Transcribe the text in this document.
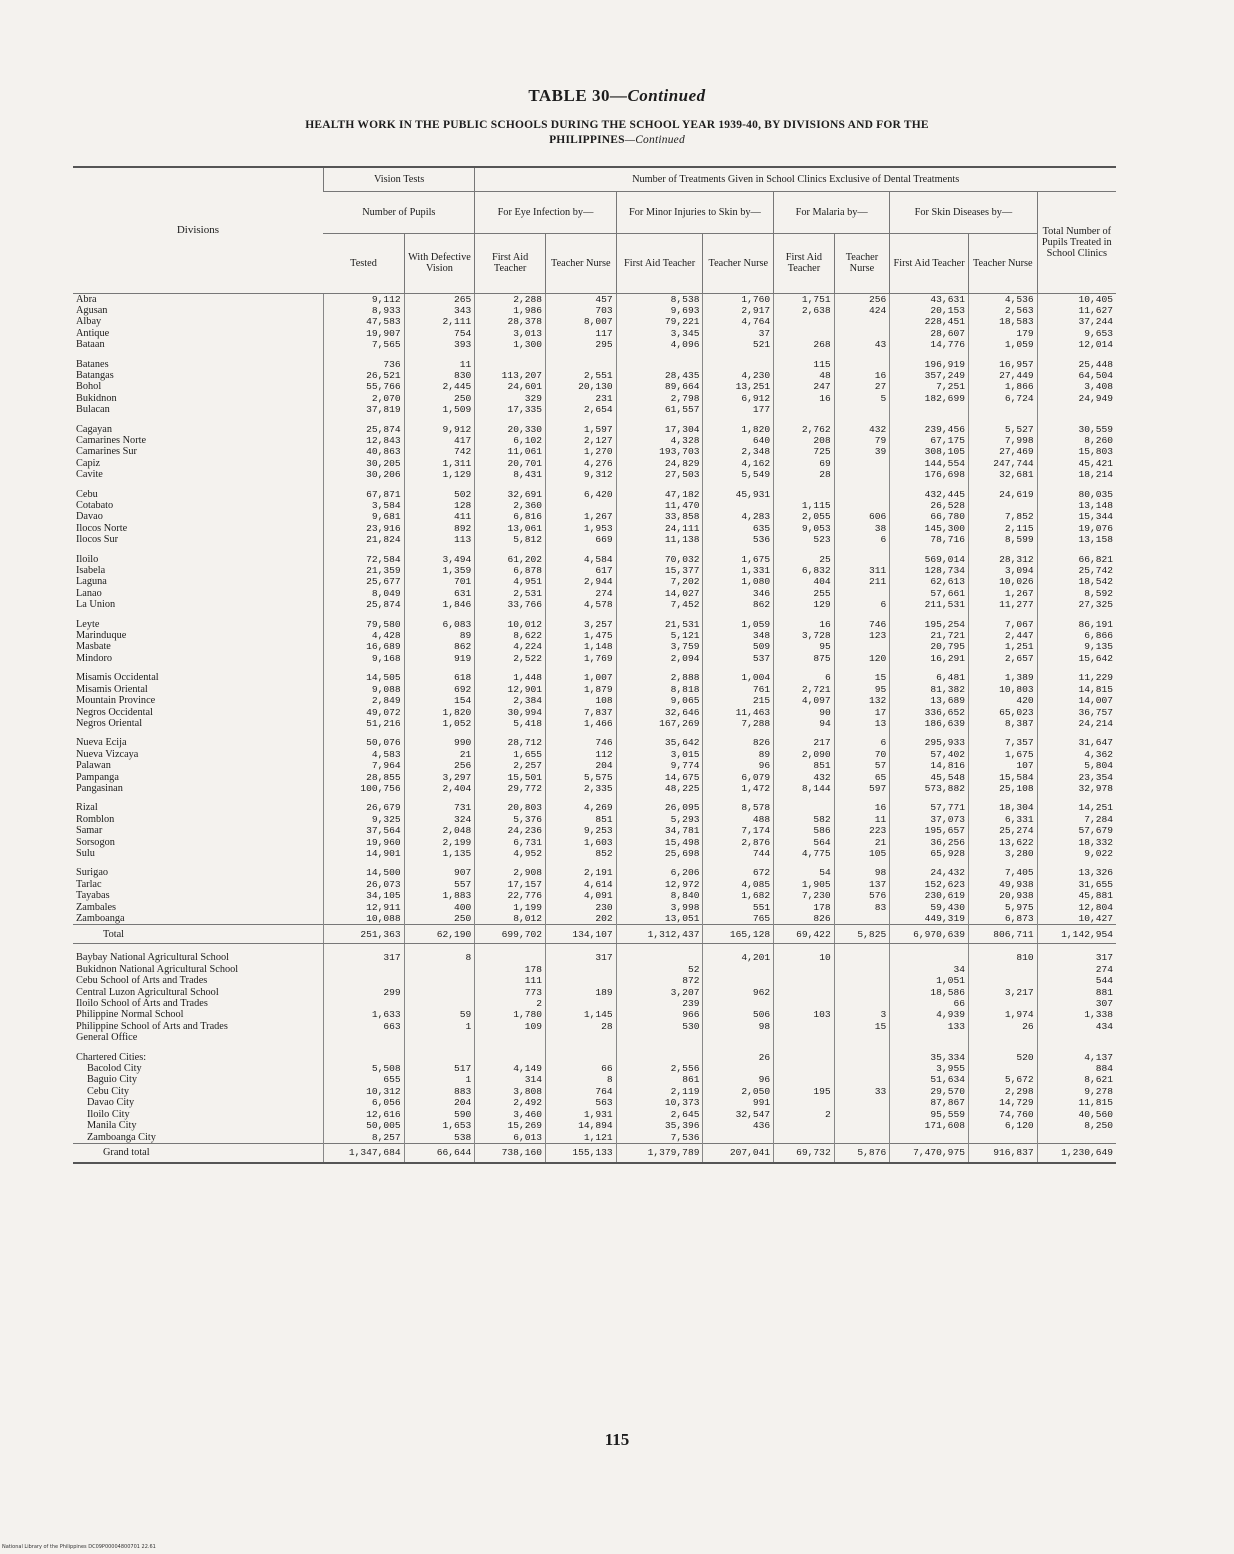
TABLE 30—Continued
HEALTH WORK IN THE PUBLIC SCHOOLS DURING THE SCHOOL YEAR 1939-40, BY DIVISIONS AND FOR THE
PHILIPPINES—Continued
Divisions	Vision Tests		Number of Treatments Given in School Clinics Exclusive of Dental Treatments								
	Number of Pupils		For Eye Infection by—		For Minor Injuries to Skin by—		For Malaria by—		For Skin Diseases by—		Total Number of Pupils Treated in School Clinics
	Tested	With Defective Vision	First Aid Teacher	Teacher Nurse	First Aid Teacher	Teacher Nurse	First Aid Teacher	Teacher Nurse	First Aid Teacher	Teacher Nurse	
Abra	9,112	265	2,288	457	8,538	1,760	1,751	256	43,631	4,536	10,405
Agusan	8,933	343	1,986	703	9,693	2,917	2,638	424	20,153	2,563	11,627
Albay	47,583	2,111	28,378	8,007	79,221	4,764			228,451	18,583	37,244
Antique	19,907	754	3,013	117	3,345	37			28,607	179	9,653
Bataan	7,565	393	1,300	295	4,096	521	268	43	14,776	1,059	12,014

Batanes	736	11					115		196,919	16,957	25,448
Batangas	26,521	830	113,207	2,551	28,435	4,230	48	16	357,249	27,449	64,504
Bohol	55,766	2,445	24,601	20,130	89,664	13,251	247	27	7,251	1,866	3,408
Bukidnon	2,070	250	329	231	2,798	6,912	16	5	182,699	6,724	24,949
Bulacan	37,819	1,509	17,335	2,654	61,557	177					

Cagayan	25,874	9,912	20,330	1,597	17,304	1,820	2,762	432	239,456	5,527	30,559
Camarines Norte	12,843	417	6,102	2,127	4,328	640	208	79	67,175	7,998	8,260
Camarines Sur	40,863	742	11,061	1,270	193,703	2,348	725	39	308,105	27,469	15,803
Capiz	30,205	1,311	20,701	4,276	24,829	4,162	69		144,554	247,744	45,421
Cavite	30,206	1,129	8,431	9,312	27,503	5,549	28		176,698	32,681	18,214

Cebu	67,871	502	32,691	6,420	47,182	45,931			432,445	24,619	80,035
Cotabato	3,584	128	2,360		11,470		1,115		26,528		13,148
Davao	9,681	411	6,816	1,267	33,858	4,283	2,055	606	66,780	7,852	15,344
Ilocos Norte	23,916	892	13,061	1,953	24,111	635	9,053	38	145,300	2,115	19,076
Ilocos Sur	21,824	113	5,812	669	11,138	536	523	6	78,716	8,599	13,158

Iloilo	72,584	3,494	61,202	4,584	70,032	1,675	25		569,014	28,312	66,821
Isabela	21,359	1,359	6,878	617	15,377	1,331	6,832	311	128,734	3,094	25,742
Laguna	25,677	701	4,951	2,944	7,202	1,080	404	211	62,613	10,026	18,542
Lanao	8,049	631	2,531	274	14,027	346	255		57,661	1,267	8,592
La Union	25,874	1,846	33,766	4,578	7,452	862	129	6	211,531	11,277	27,325

Leyte	79,580	6,083	10,012	3,257	21,531	1,059	16	746	195,254	7,067	86,191
Marinduque	4,428	89	8,622	1,475	5,121	348	3,728	123	21,721	2,447	6,866
Masbate	16,689	862	4,224	1,148	3,759	509	95		20,795	1,251	9,135
Mindoro	9,168	919	2,522	1,769	2,094	537	875	120	16,291	2,657	15,642

Misamis Occidental	14,505	618	1,448	1,007	2,888	1,004	6	15	6,481	1,389	11,229
Misamis Oriental	9,088	692	12,901	1,879	8,818	761	2,721	95	81,382	10,803	14,815
Mountain Province	2,849	154	2,384	108	9,065	215	4,097	132	13,689	420	14,007
Negros Occidental	49,072	1,820	30,994	7,837	32,646	11,463	90	17	336,652	65,023	36,757
Negros Oriental	51,216	1,052	5,418	1,466	167,269	7,288	94	13	186,639	8,387	24,214

Nueva Ecija	50,076	990	28,712	746	35,642	826	217	6	295,933	7,357	31,647
Nueva Vizcaya	4,583	21	1,655	112	3,015	89	2,090	70	57,402	1,675	4,362
Palawan	7,964	256	2,257	204	9,774	96	851	57	14,816	107	5,804
Pampanga	28,855	3,297	15,501	5,575	14,675	6,079	432	65	45,548	15,584	23,354
Pangasinan	100,756	2,404	29,772	2,335	48,225	1,472	8,144	597	573,882	25,108	32,978

Rizal	26,679	731	20,803	4,269	26,095	8,578		16	57,771	18,304	14,251
Romblon	9,325	324	5,376	851	5,293	488	582	11	37,073	6,331	7,284
Samar	37,564	2,048	24,236	9,253	34,781	7,174	586	223	195,657	25,274	57,679
Sorsogon	19,960	2,199	6,731	1,603	15,498	2,876	564	21	36,256	13,622	18,332
Sulu	14,901	1,135	4,952	852	25,698	744	4,775	105	65,928	3,280	9,022

Surigao	14,500	907	2,908	2,191	6,206	672	54	98	24,432	7,405	13,326
Tarlac	26,073	557	17,157	4,614	12,972	4,085	1,905	137	152,623	49,938	31,655
Tayabas	34,105	1,883	22,776	4,091	8,840	1,682	7,230	576	230,619	20,938	45,881
Zambales	12,911	400	1,199	230	3,998	551	178	83	59,430	5,975	12,804
Zamboanga	10,088	250	8,012	202	13,051	765	826		449,319	6,873	10,427
Total	251,363	62,190	699,702	134,107	1,312,437	165,128	69,422	5,825	6,970,639	806,711	1,142,954

Baybay National Agricultural School	317	8		317		4,201	10			810	317
Bukidnon National Agricultural School			178		52				34		274
Cebu School of Arts and Trades			111		872				1,051		544
Central Luzon Agricultural School	299		773	189	3,207	962			18,586	3,217	881
Iloilo School of Arts and Trades			2		239				66		307
Philippine Normal School	1,633	59	1,780	1,145	966	506	103	3	4,939	1,974	1,338
Philippine School of Arts and Trades	663	1	109	28	530	98		15	133	26	434
General Office											

Chartered Cities:						26			35,334	520	4,137
Bacolod City	5,508	517	4,149	66	2,556				3,955		884
Baguio City	655	1	314	8	861	96			51,634	5,672	8,621
Cebu City	10,312	883	3,808	764	2,119	2,050	195	33	29,570	2,298	9,278
Davao City	6,056	204	2,492	563	10,373	991			87,867	14,729	11,815
Iloilo City	12,616	590	3,460	1,931	2,645	32,547	2		95,559	74,760	40,560
Manila City	50,005	1,653	15,269	14,894	35,396	436			171,608	6,120	8,250
Zamboanga City	8,257	538	6,013	1,121	7,536						
Grand total	1,347,684	66,644	738,160	155,133	1,379,789	207,041	69,732	5,876	7,470,975	916,837	1,230,649
115
National Library of the Philippines DC09P00004800701 22.61
